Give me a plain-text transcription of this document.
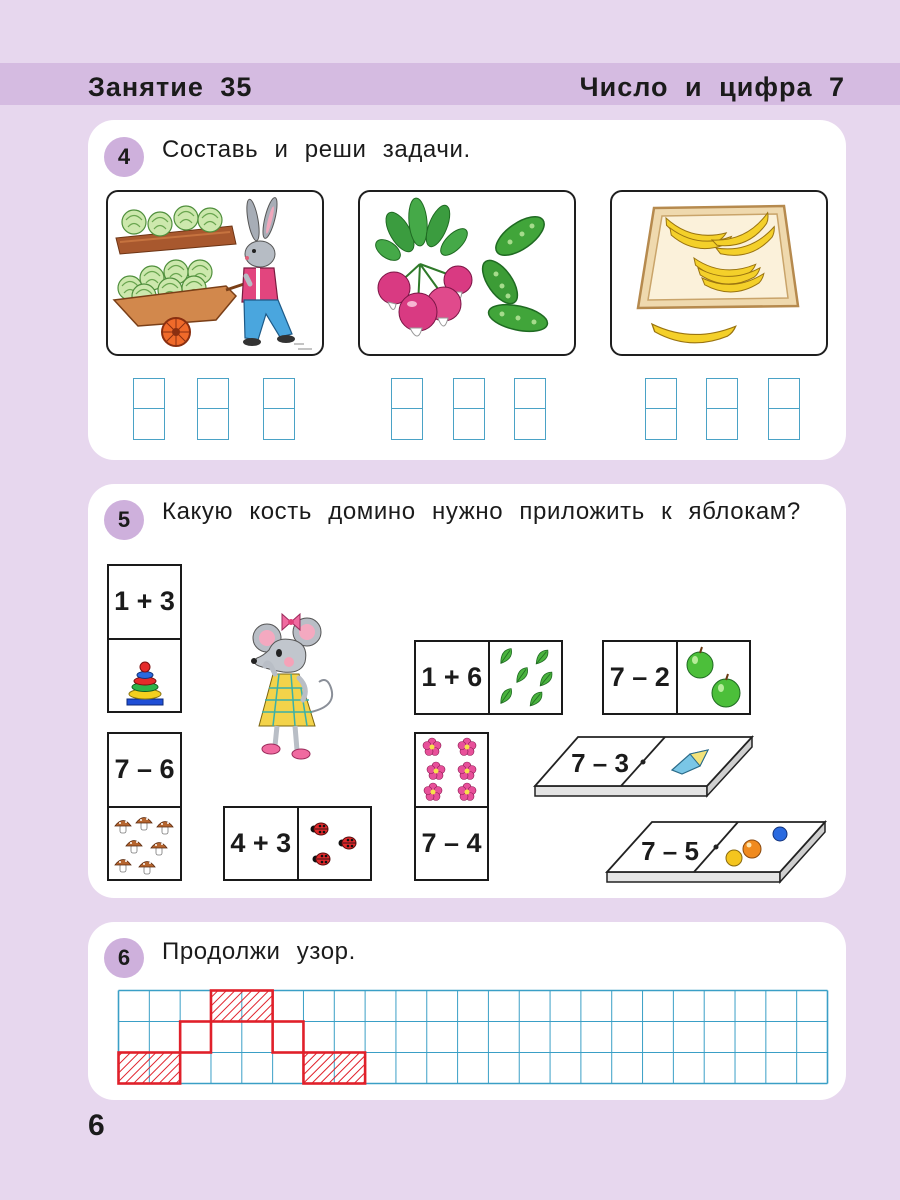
Занятие 35	Число и цифра 7
4	Составь и реши задачи.
5	Какую кость домино нужно приложить к яблокам?
1 + 3
7 – 6
4 + 3
1 + 6
7 – 4
7 – 2
7 – 3
7 – 5
6	Продолжи узор.
6
